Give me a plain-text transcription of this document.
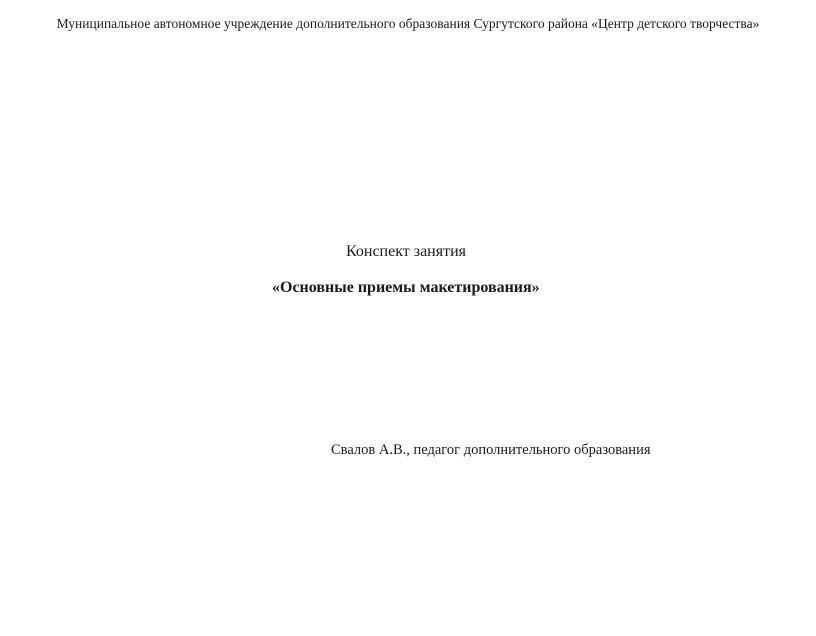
Муниципальное автономное учреждение дополнительного образования Сургутского района «Центр детского творчества»
Конспект занятия
«Основные приемы макетирования»
Свалов А.В., педагог дополнительного образования
